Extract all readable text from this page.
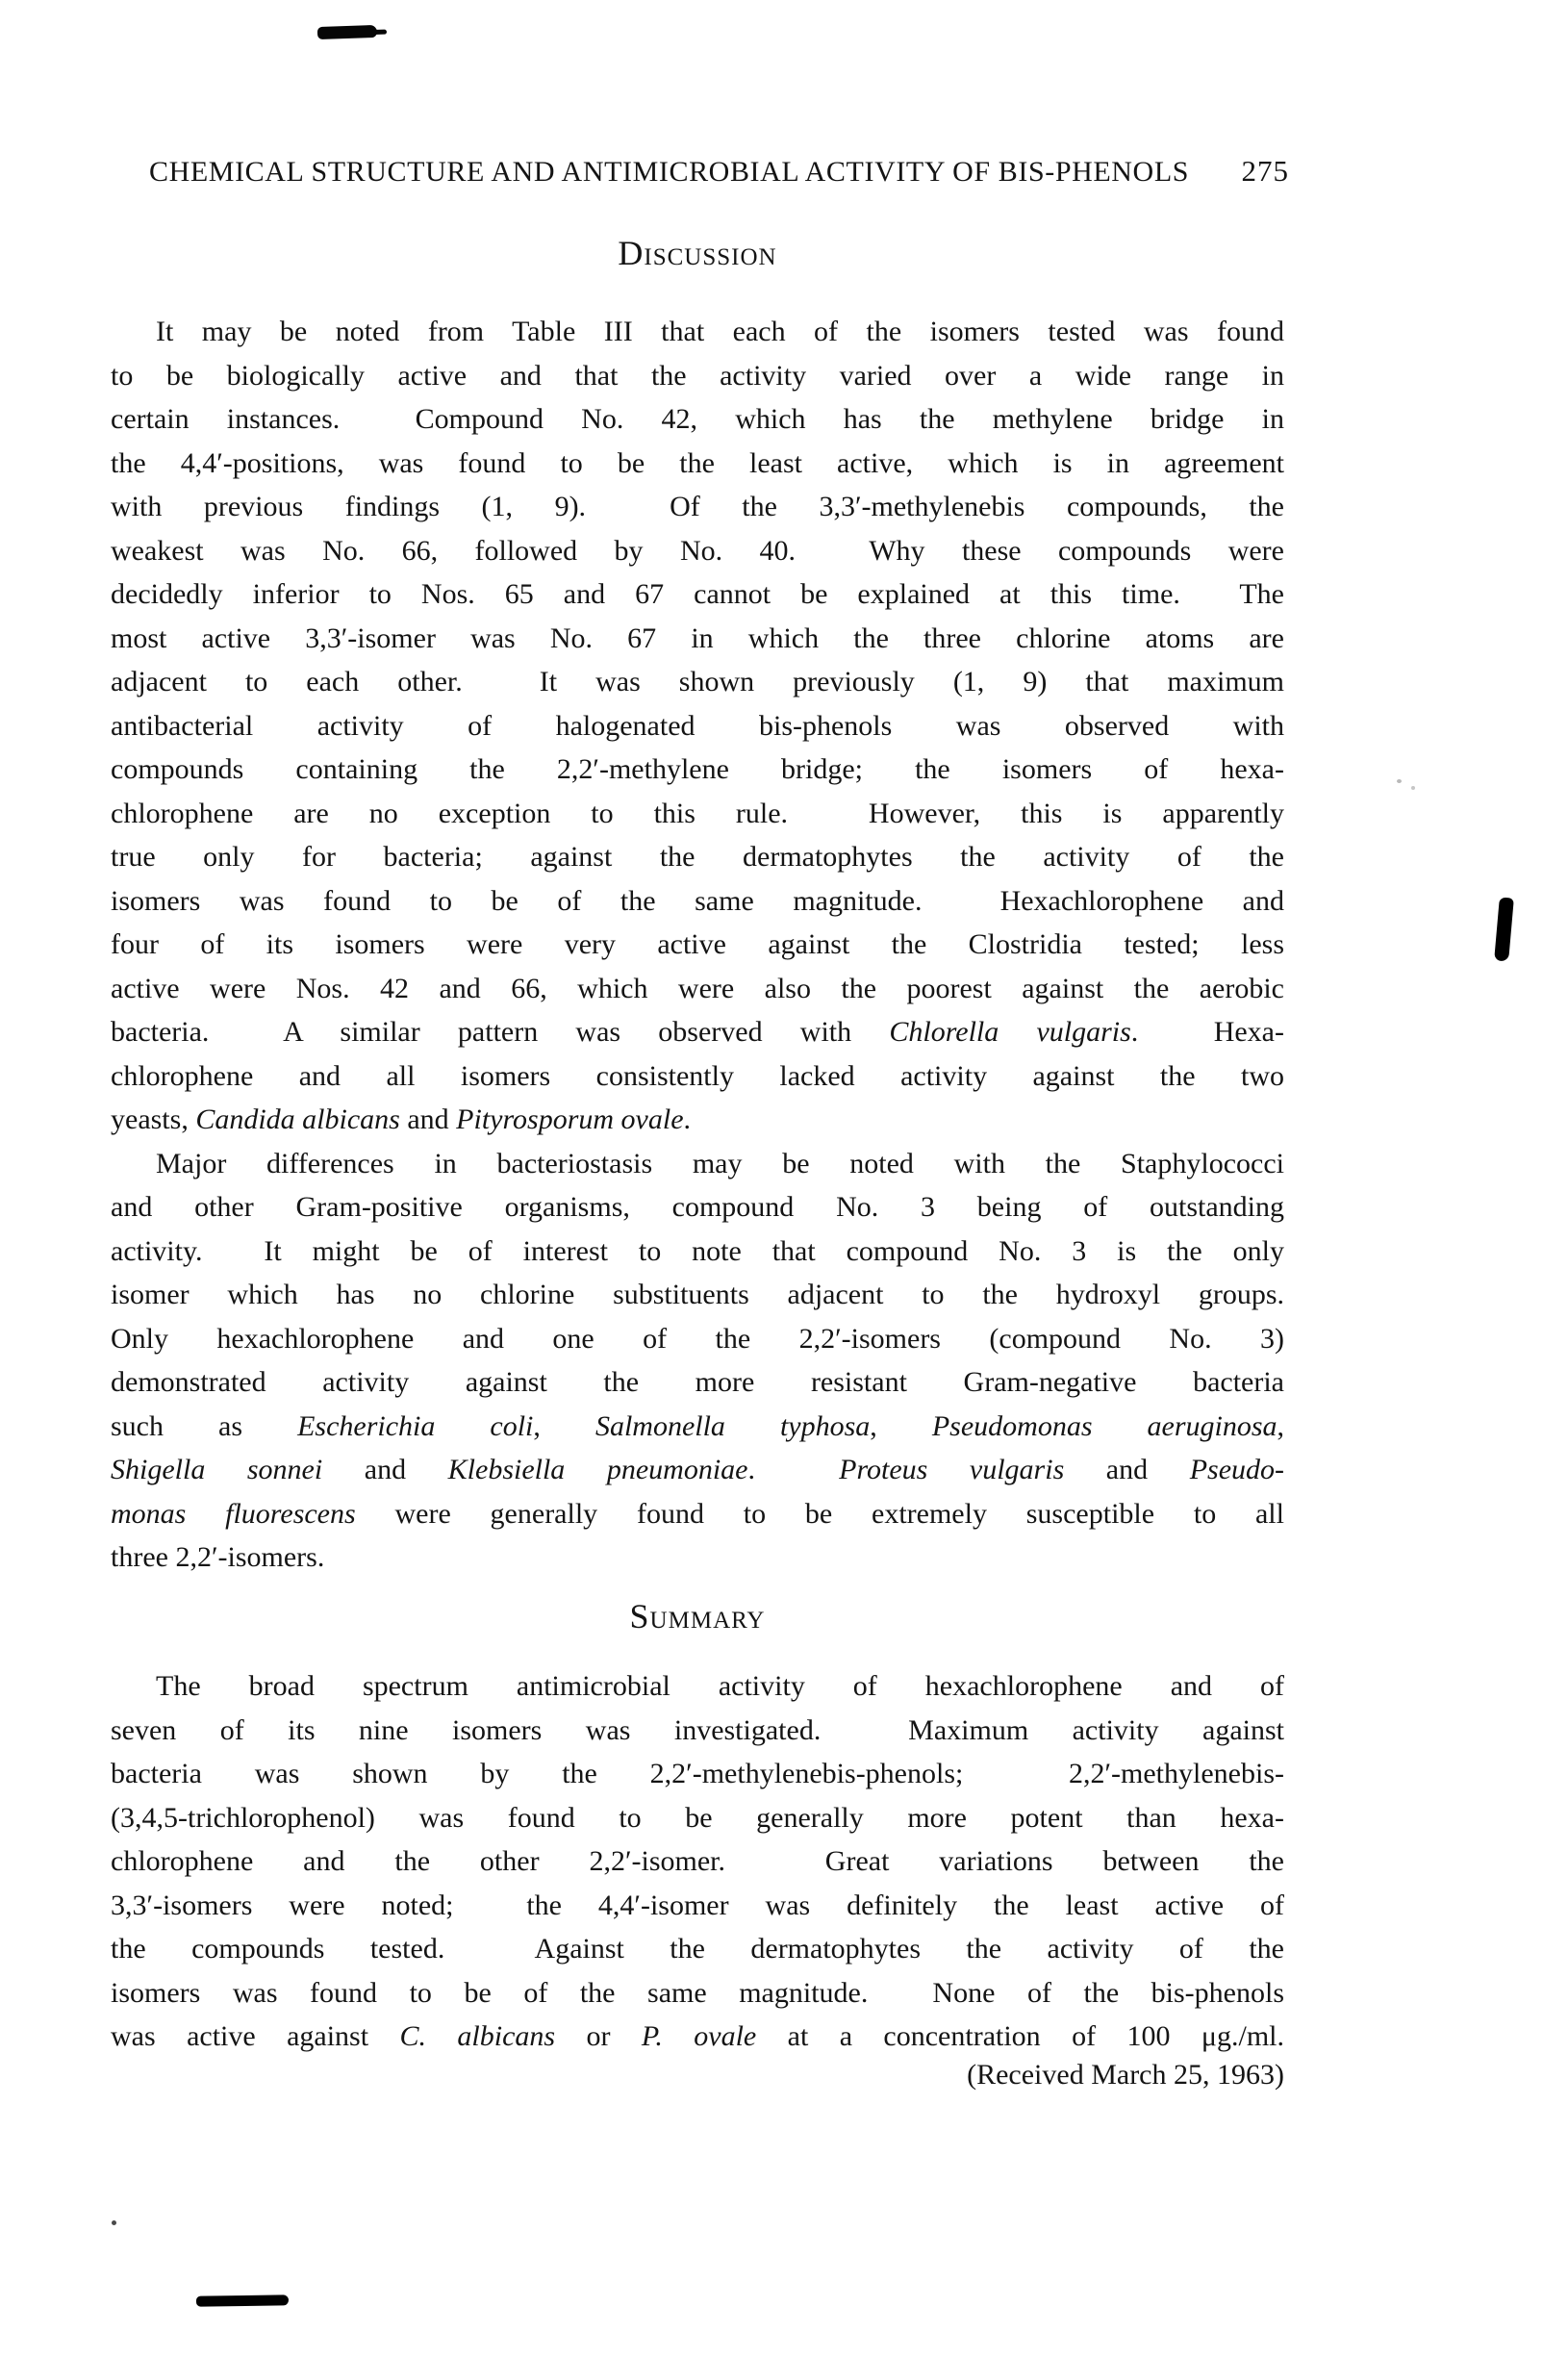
CHEMICAL STRUCTURE AND ANTIMICROBIAL ACTIVITY OF BIS-PHENOLS 275
Discussion
It may be noted from Table III that each of the isomers tested was found
to be biologically active and that the activity varied over a wide range in
certain instances.  Compound No. 42, which has the methylene bridge in
the 4,4′-positions, was found to be the least active, which is in agreement
with previous findings (1, 9).  Of the 3,3′-methylenebis compounds, the
weakest was No. 66, followed by No. 40.  Why these compounds were
decidedly inferior to Nos. 65 and 67 cannot be explained at this time.  The
most active 3,3′-isomer was No. 67 in which the three chlorine atoms are
adjacent to each other.  It was shown previously (1, 9) that maximum
antibacterial activity of halogenated bis-phenols was observed with
compounds containing the 2,2′-methylene bridge; the isomers of hexa-
chlorophene are no exception to this rule.  However, this is apparently
true only for bacteria; against the dermatophytes the activity of the
isomers was found to be of the same magnitude.  Hexachlorophene and
four of its isomers were very active against the Clostridia tested; less
active were Nos. 42 and 66, which were also the poorest against the aerobic
bacteria.  A similar pattern was observed with Chlorella vulgaris.  Hexa-
chlorophene and all isomers consistently lacked activity against the two
yeasts, Candida albicans and Pityrosporum ovale.
Major differences in bacteriostasis may be noted with the Staphylococci
and other Gram-positive organisms, compound No. 3 being of outstanding
activity.  It might be of interest to note that compound No. 3 is the only
isomer which has no chlorine substituents adjacent to the hydroxyl groups.
Only hexachlorophene and one of the 2,2′-isomers (compound No. 3)
demonstrated activity against the more resistant Gram-negative bacteria
such as Escherichia coli, Salmonella typhosa, Pseudomonas aeruginosa,
Shigella sonnei and Klebsiella pneumoniae.  Proteus vulgaris and Pseudo-
monas fluorescens were generally found to be extremely susceptible to all
three 2,2′-isomers.
Summary
The broad spectrum antimicrobial activity of hexachlorophene and of
seven of its nine isomers was investigated.  Maximum activity against
bacteria was shown by the 2,2′-methylenebis-phenols;  2,2′-methylenebis-
(3,4,5-trichlorophenol) was found to be generally more potent than hexa-
chlorophene and the other 2,2′-isomer.  Great variations between the
3,3′-isomers were noted;  the 4,4′-isomer was definitely the least active of
the compounds tested.  Against the dermatophytes the activity of the
isomers was found to be of the same magnitude.  None of the bis-phenols
was active against C. albicans or P. ovale at a concentration of 100 μg./ml.
(Received March 25, 1963)
